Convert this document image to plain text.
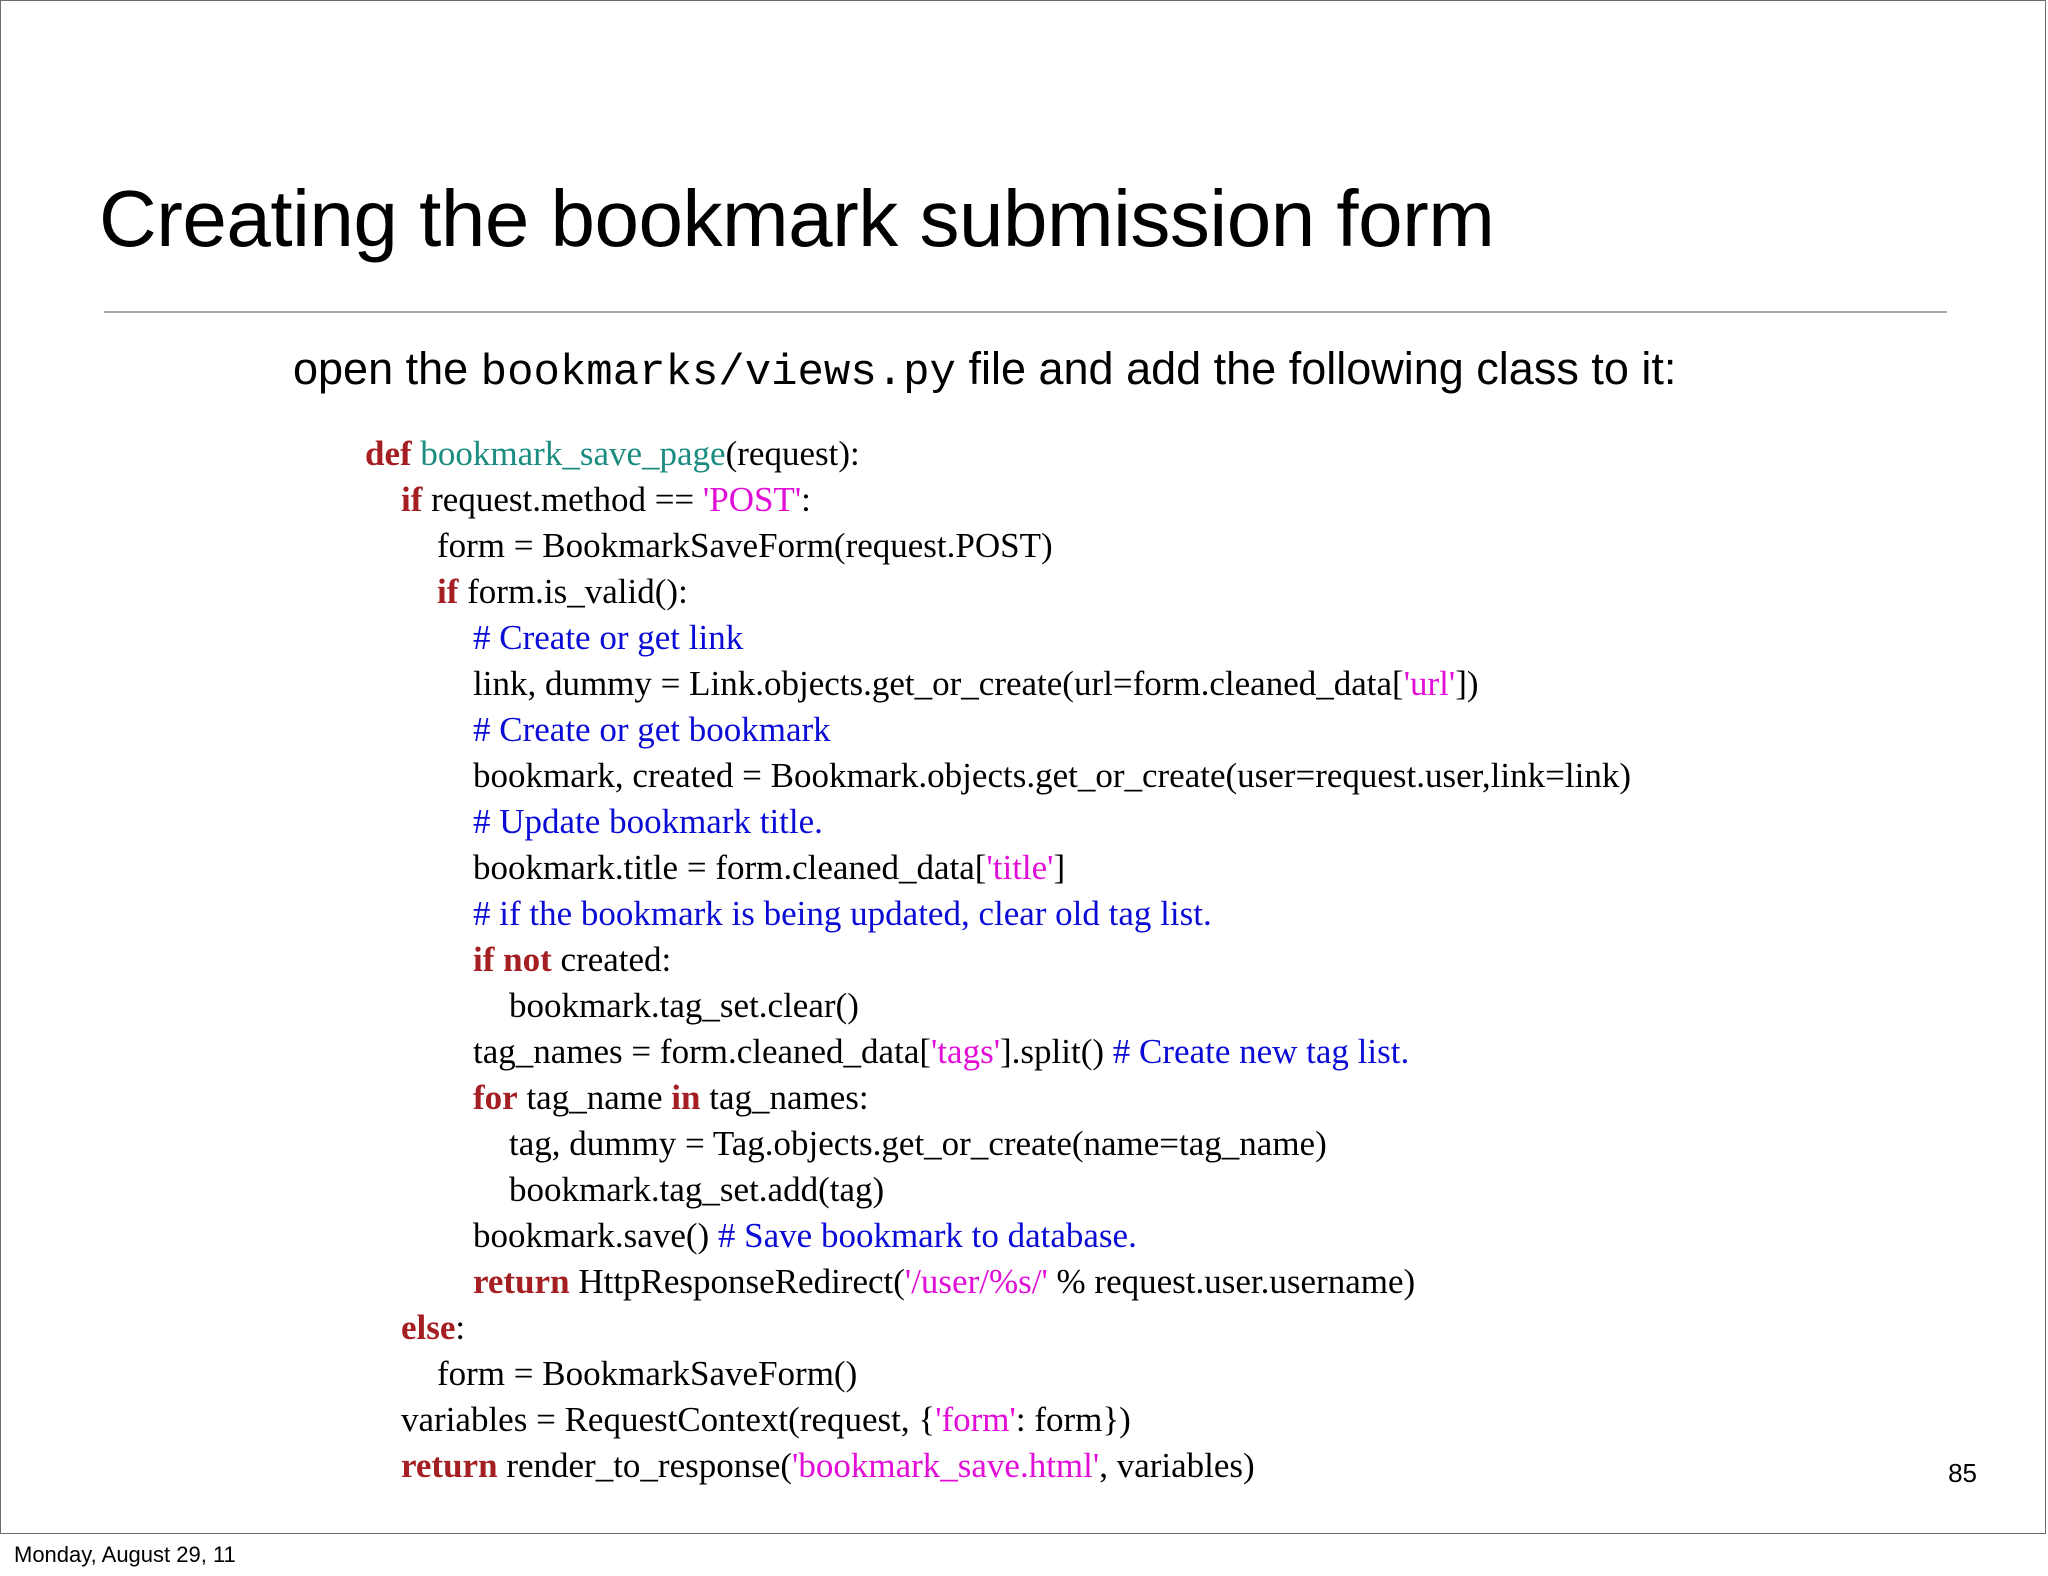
Creating the bookmark submission form
open the bookmarks/views.py file and add the following class to it:
def bookmark_save_page(request):
if request.method == 'POST':
form = BookmarkSaveForm(request.POST)
if form.is_valid():
# Create or get link
link, dummy = Link.objects.get_or_create(url=form.cleaned_data['url'])
# Create or get bookmark
bookmark, created = Bookmark.objects.get_or_create(user=request.user,link=link)
# Update bookmark title.
bookmark.title = form.cleaned_data['title']
# if the bookmark is being updated, clear old tag list.
if not created:
bookmark.tag_set.clear()
tag_names = form.cleaned_data['tags'].split() # Create new tag list.
for tag_name in tag_names:
tag, dummy = Tag.objects.get_or_create(name=tag_name)
bookmark.tag_set.add(tag)
bookmark.save() # Save bookmark to database.
return HttpResponseRedirect('/user/%s/' % request.user.username)
else:
form = BookmarkSaveForm()
variables = RequestContext(request, {'form': form})
return render_to_response('bookmark_save.html', variables)	85
Monday, August 29, 11
